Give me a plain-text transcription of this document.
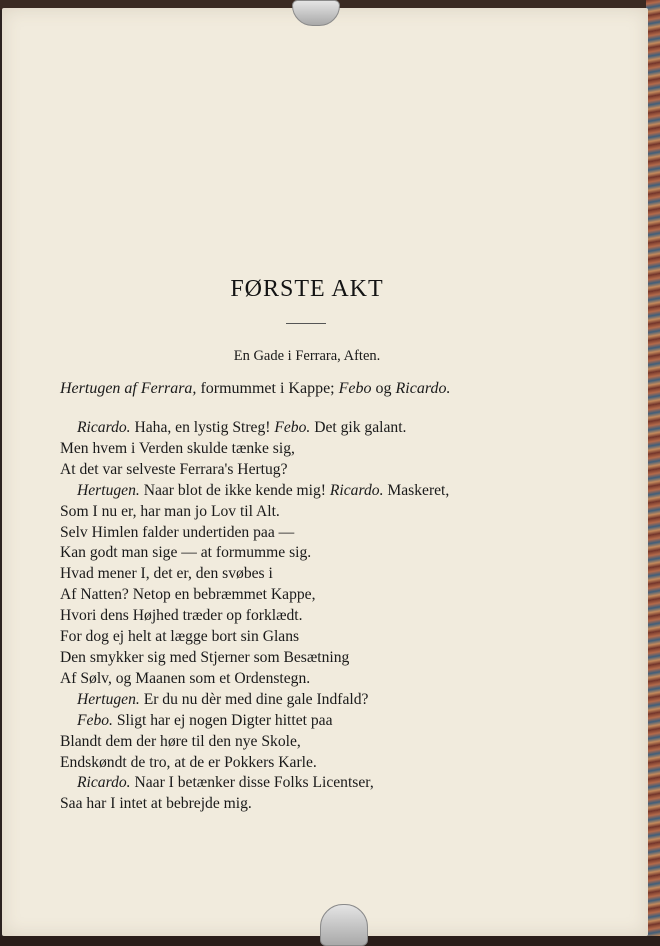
FØRSTE AKT
En Gade i Ferrara, Aften.
Hertugen af Ferrara, formummet i Kappe; Febo og Ricardo.
Ricardo. Haha, en lystig Streg! Febo. Det gik galant.
Men hvem i Verden skulde tænke sig,
At det var selveste Ferrara's Hertug?
Hertugen. Naar blot de ikke kende mig! Ricardo. Maskeret,
Som I nu er, har man jo Lov til Alt.
Selv Himlen falder undertiden paa —
Kan godt man sige — at formumme sig.
Hvad mener I, det er, den svøbes i
Af Natten? Netop en bebræmmet Kappe,
Hvori dens Højhed træder op forklædt.
For dog ej helt at lægge bort sin Glans
Den smykker sig med Stjerner som Besætning
Af Sølv, og Maanen som et Ordenstegn.
Hertugen. Er du nu dèr med dine gale Indfald?
Febo. Sligt har ej nogen Digter hittet paa
Blandt dem der høre til den nye Skole,
Endskøndt de tro, at de er Pokkers Karle.
Ricardo. Naar I betænker disse Folks Licentser,
Saa har I intet at bebrejde mig.
